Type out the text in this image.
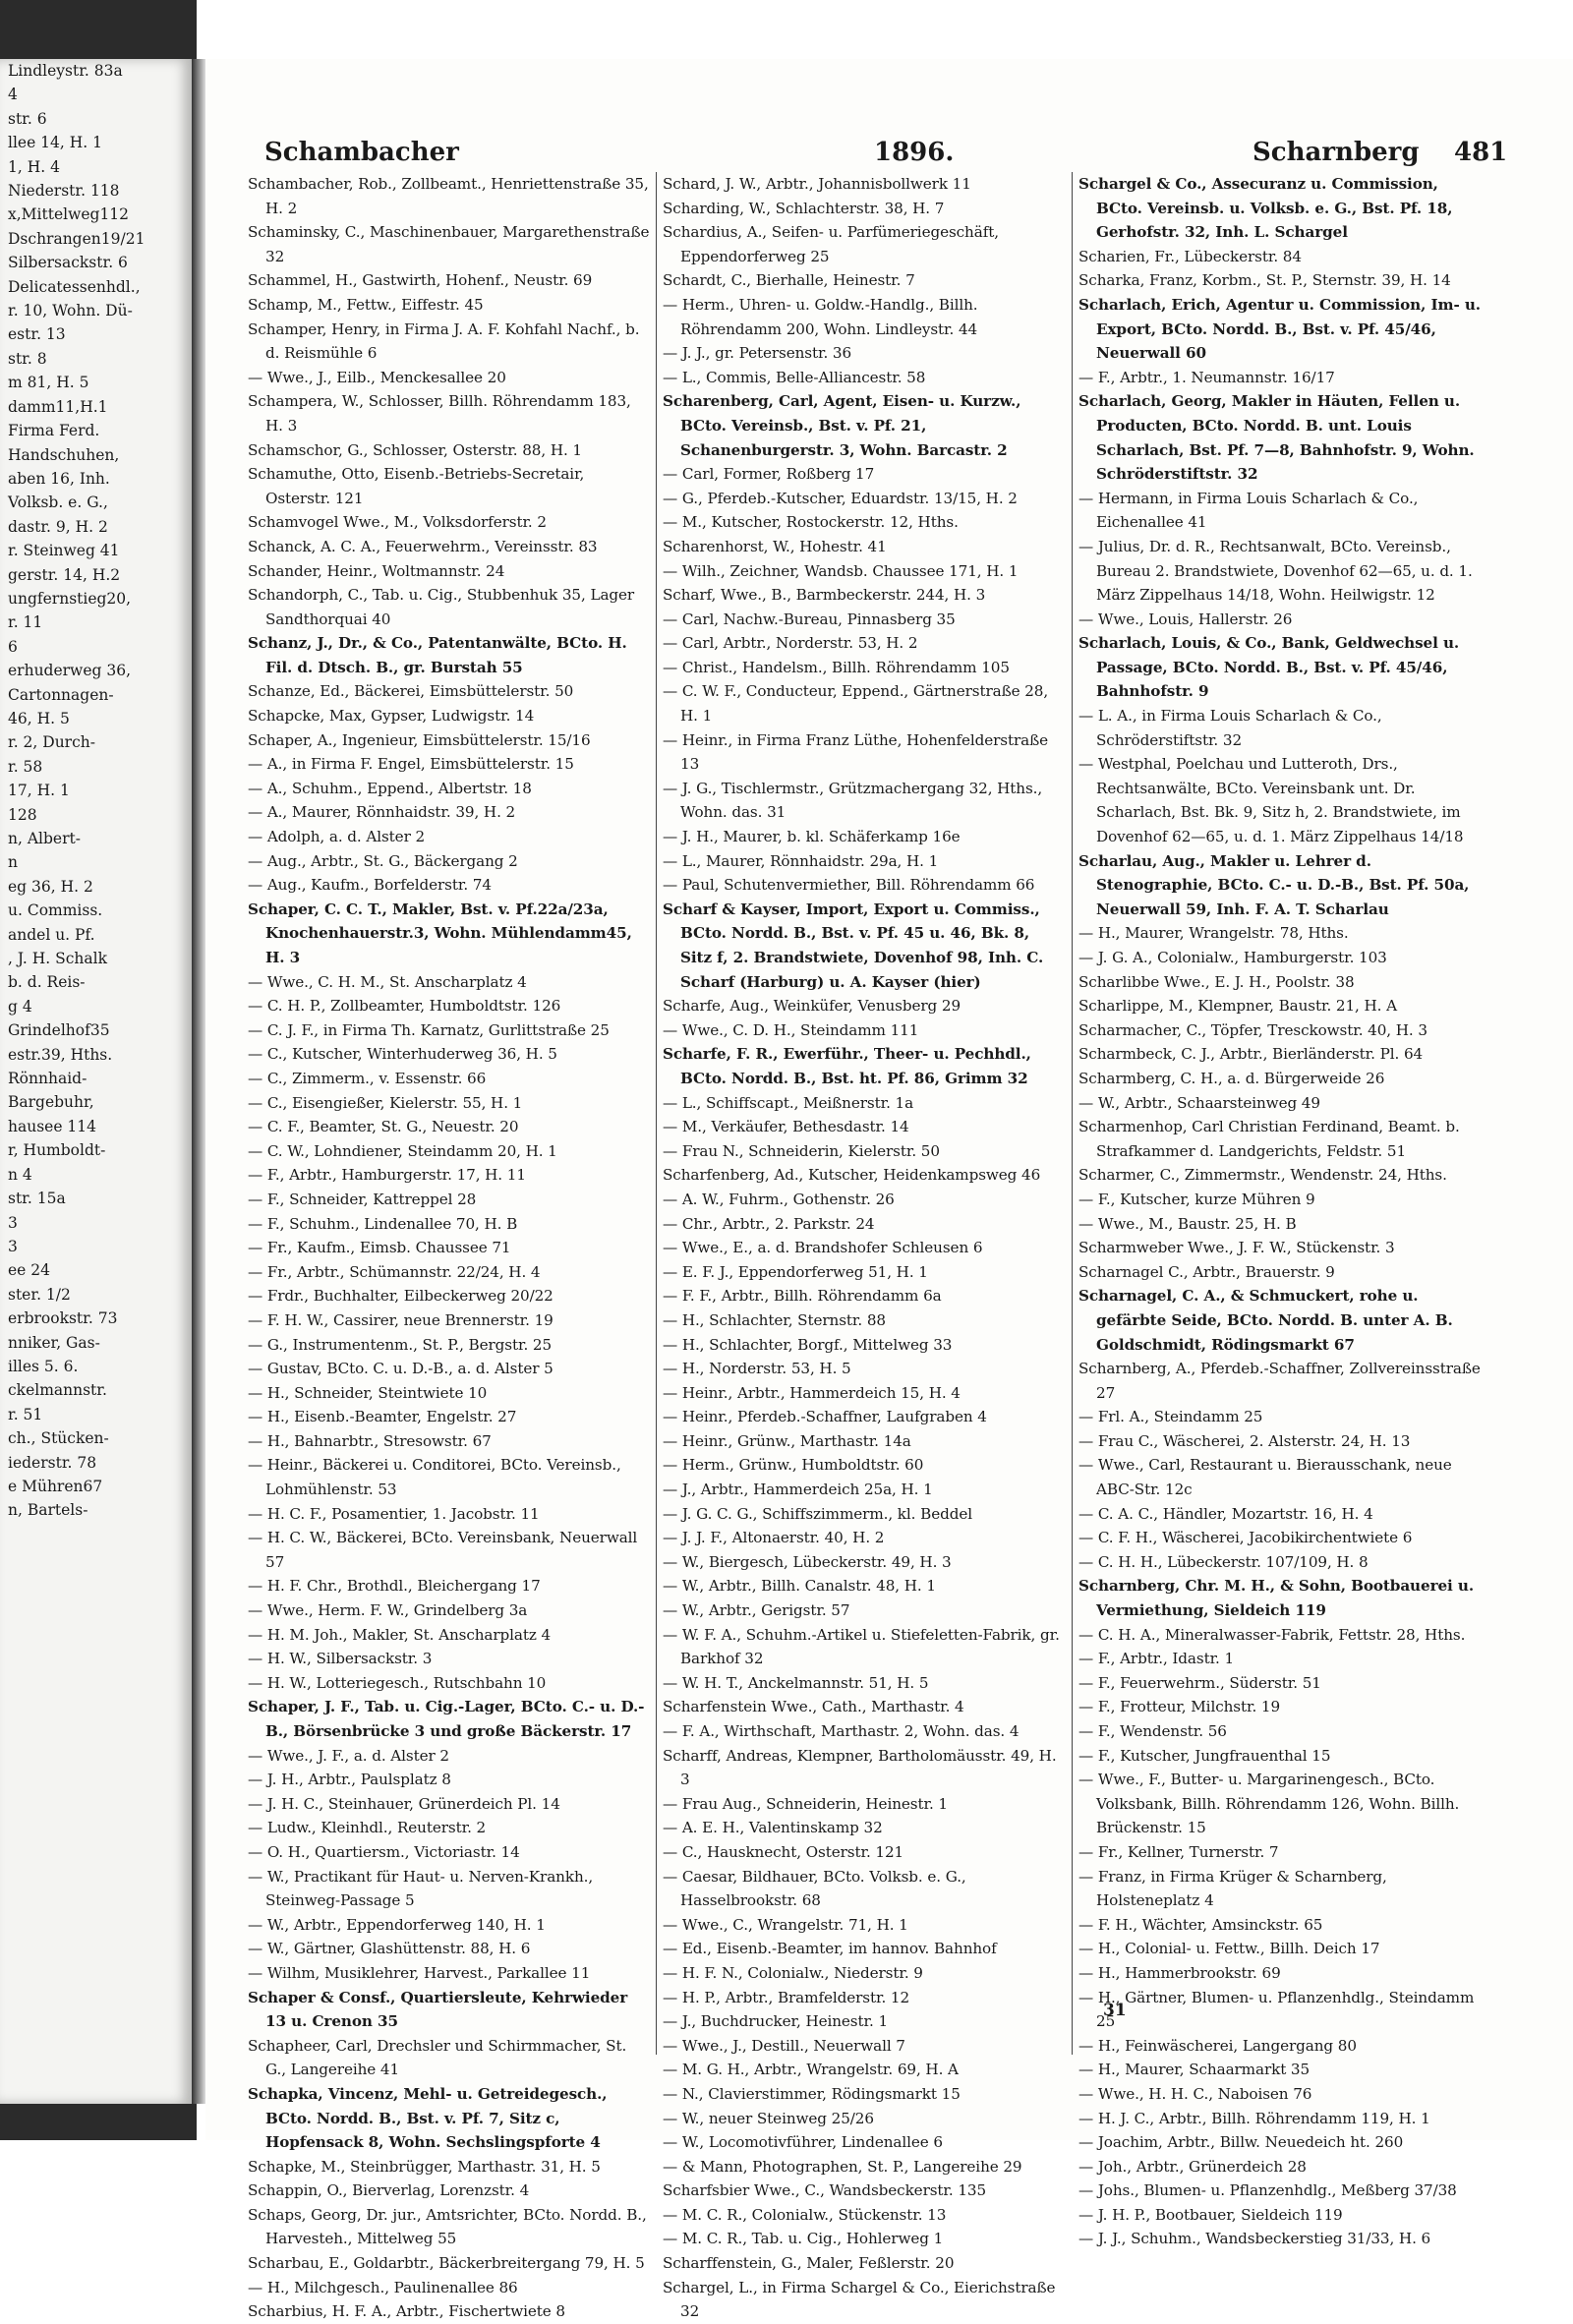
Lindleystr. 83a
4
str. 6
llee 14, H. 1
1, H. 4
Niederstr. 118
x,Mittelweg112
Dschrangen19/21
Silbersackstr. 6
Delicatessenhdl.,
r. 10, Wohn. Dü-
estr. 13
str. 8
m 81, H. 5
damm11,H.1
Firma Ferd.
Handschuhen,
aben 16, Inh.
Volksb. e. G.,
dastr. 9, H. 2
r. Steinweg 41
gerstr. 14, H.2
ungfernstieg20,
r. 11
6
erhuderweg 36,
Cartonnagen-
46, H. 5
r. 2, Durch-
r. 58
17, H. 1
128
n, Albert-
n
eg 36, H. 2
u. Commiss.
andel u. Pf.
, J. H. Schalk
b. d. Reis-
g 4
Grindelhof35
estr.39, Hths.
Rönnhaid-
Bargebuhr,
hausee 114
r, Humboldt-
n 4
str. 15a
3
3
ee 24
ster. 1/2
erbrookstr. 73
nniker, Gas-
illes 5. 6.
ckelmannstr.
r. 51
ch., Stücken-
iederstr. 78
e Mühren67
n, Bartels-
Schambacher	1896.	Scharnberg 481

Schambacher, Rob., Zollbeamt., Henriettenstraße 35, H. 2

Schaminsky, C., Maschinenbauer, Margarethenstraße 32

Schammel, H., Gastwirth, Hohenf., Neustr. 69

Schamp, M., Fettw., Eiffestr. 45

Schamper, Henry, in Firma J. A. F. Kohfahl Nachf., b. d. Reismühle 6

— Wwe., J., Eilb., Menckesallee 20

Schampera, W., Schlosser, Billh. Röhrendamm 183, H. 3

Schamschor, G., Schlosser, Osterstr. 88, H. 1

Schamuthe, Otto, Eisenb.-Betriebs-Secretair, Osterstr. 121

Schamvogel Wwe., M., Volksdorferstr. 2

Schanck, A. C. A., Feuerwehrm., Vereinsstr. 83

Schander, Heinr., Woltmannstr. 24

Schandorph, C., Tab. u. Cig., Stubbenhuk 35, Lager Sandthorquai 40

Schanz, J., Dr., & Co., Patentanwälte, BCto. H. Fil. d. Dtsch. B., gr. Burstah 55

Schanze, Ed., Bäckerei, Eimsbüttelerstr. 50

Schapcke, Max, Gypser, Ludwigstr. 14

Schaper, A., Ingenieur, Eimsbüttelerstr. 15/16

— A., in Firma F. Engel, Eimsbüttelerstr. 15

— A., Schuhm., Eppend., Albertstr. 18

— A., Maurer, Rönnhaidstr. 39, H. 2

— Adolph, a. d. Alster 2

— Aug., Arbtr., St. G., Bäckergang 2

— Aug., Kaufm., Borfelderstr. 74

Schaper, C. C. T., Makler, Bst. v. Pf.22a/23a, Knochenhauerstr.3, Wohn. Mühlendamm45, H. 3

— Wwe., C. H. M., St. Anscharplatz 4

— C. H. P., Zollbeamter, Humboldtstr. 126

— C. J. F., in Firma Th. Karnatz, Gurlittstraße 25

— C., Kutscher, Winterhuderweg 36, H. 5

— C., Zimmerm., v. Essenstr. 66

— C., Eisengießer, Kielerstr. 55, H. 1

— C. F., Beamter, St. G., Neuestr. 20

— C. W., Lohndiener, Steindamm 20, H. 1

— F., Arbtr., Hamburgerstr. 17, H. 11

— F., Schneider, Kattreppel 28

— F., Schuhm., Lindenallee 70, H. B

— Fr., Kaufm., Eimsb. Chaussee 71

— Fr., Arbtr., Schümannstr. 22/24, H. 4

— Frdr., Buchhalter, Eilbeckerweg 20/22

— F. H. W., Cassirer, neue Brennerstr. 19

— G., Instrumentenm., St. P., Bergstr. 25

— Gustav, BCto. C. u. D.-B., a. d. Alster 5

— H., Schneider, Steintwiete 10

— H., Eisenb.-Beamter, Engelstr. 27

— H., Bahnarbtr., Stresowstr. 67

— Heinr., Bäckerei u. Conditorei, BCto. Vereinsb., Lohmühlenstr. 53

— H. C. F., Posamentier, 1. Jacobstr. 11

— H. C. W., Bäckerei, BCto. Vereinsbank, Neuerwall 57

— H. F. Chr., Brothdl., Bleichergang 17

— Wwe., Herm. F. W., Grindelberg 3a

— H. M. Joh., Makler, St. Anscharplatz 4

— H. W., Silbersackstr. 3

— H. W., Lotteriegesch., Rutschbahn 10

Schaper, J. F., Tab. u. Cig.-Lager, BCto. C.- u. D.-B., Börsenbrücke 3 und große Bäckerstr. 17

— Wwe., J. F., a. d. Alster 2

— J. H., Arbtr., Paulsplatz 8

— J. H. C., Steinhauer, Grünerdeich Pl. 14

— Ludw., Kleinhdl., Reuterstr. 2

— O. H., Quartiersm., Victoriastr. 14

— W., Practikant für Haut- u. Nerven-Krankh., Steinweg-Passage 5

— W., Arbtr., Eppendorferweg 140, H. 1

— W., Gärtner, Glashüttenstr. 88, H. 6

— Wilhm, Musiklehrer, Harvest., Parkallee 11

Schaper & Consf., Quartiersleute, Kehrwieder 13 u. Crenon 35

Schapheer, Carl, Drechsler und Schirmmacher, St. G., Langereihe 41

Schapka, Vincenz, Mehl- u. Getreidegesch., BCto. Nordd. B., Bst. v. Pf. 7, Sitz c, Hopfensack 8, Wohn. Sechslingspforte 4

Schapke, M., Steinbrügger, Marthastr. 31, H. 5

Schappin, O., Bierverlag, Lorenzstr. 4

Schaps, Georg, Dr. jur., Amtsrichter, BCto. Nordd. B., Harvesteh., Mittelweg 55

Scharbau, E., Goldarbtr., Bäckerbreitergang 79, H. 5

— H., Milchgesch., Paulinenallee 86

Scharbius, H. F. A., Arbtr., Fischertwiete 8

Schard, J. W., Arbtr., Johannisbollwerk 11

Scharding, W., Schlachterstr. 38, H. 7

Schardius, A., Seifen- u. Parfümeriegeschäft, Eppendorferweg 25

Schardt, C., Bierhalle, Heinestr. 7

— Herm., Uhren- u. Goldw.-Handlg., Billh. Röhrendamm 200, Wohn. Lindleystr. 44

— J. J., gr. Petersenstr. 36

— L., Commis, Belle-Alliancestr. 58

Scharenberg, Carl, Agent, Eisen- u. Kurzw., BCto. Vereinsb., Bst. v. Pf. 21, Schanenburgerstr. 3, Wohn. Barcastr. 2

— Carl, Former, Roßberg 17

— G., Pferdeb.-Kutscher, Eduardstr. 13/15, H. 2

— M., Kutscher, Rostockerstr. 12, Hths.

Scharenhorst, W., Hohestr. 41

— Wilh., Zeichner, Wandsb. Chaussee 171, H. 1

Scharf, Wwe., B., Barmbeckerstr. 244, H. 3

— Carl, Nachw.-Bureau, Pinnasberg 35

— Carl, Arbtr., Norderstr. 53, H. 2

— Christ., Handelsm., Billh. Röhrendamm 105

— C. W. F., Conducteur, Eppend., Gärtnerstraße 28, H. 1

— Heinr., in Firma Franz Lüthe, Hohenfelderstraße 13

— J. G., Tischlermstr., Grützmachergang 32, Hths., Wohn. das. 31

— J. H., Maurer, b. kl. Schäferkamp 16e

— L., Maurer, Rönnhaidstr. 29a, H. 1

— Paul, Schutenvermiether, Bill. Röhrendamm 66

Scharf & Kayser, Import, Export u. Commiss., BCto. Nordd. B., Bst. v. Pf. 45 u. 46, Bk. 8, Sitz f, 2. Brandstwiete, Dovenhof 98, Inh. C. Scharf (Harburg) u. A. Kayser (hier)

Scharfe, Aug., Weinküfer, Venusberg 29

— Wwe., C. D. H., Steindamm 111

Scharfe, F. R., Ewerführ., Theer- u. Pechhdl., BCto. Nordd. B., Bst. ht. Pf. 86, Grimm 32

— L., Schiffscapt., Meißnerstr. 1a

— M., Verkäufer, Bethesdastr. 14

— Frau N., Schneiderin, Kielerstr. 50

Scharfenberg, Ad., Kutscher, Heidenkampsweg 46

— A. W., Fuhrm., Gothenstr. 26

— Chr., Arbtr., 2. Parkstr. 24

— Wwe., E., a. d. Brandshofer Schleusen 6

— E. F. J., Eppendorferweg 51, H. 1

— F. F., Arbtr., Billh. Röhrendamm 6a

— H., Schlachter, Sternstr. 88

— H., Schlachter, Borgf., Mittelweg 33

— H., Norderstr. 53, H. 5

— Heinr., Arbtr., Hammerdeich 15, H. 4

— Heinr., Pferdeb.-Schaffner, Laufgraben 4

— Heinr., Grünw., Marthastr. 14a

— Herm., Grünw., Humboldtstr. 60

— J., Arbtr., Hammerdeich 25a, H. 1

— J. G. C. G., Schiffszimmerm., kl. Beddel

— J. J. F., Altonaerstr. 40, H. 2

— W., Biergesch, Lübeckerstr. 49, H. 3

— W., Arbtr., Billh. Canalstr. 48, H. 1

— W., Arbtr., Gerigstr. 57

— W. F. A., Schuhm.-Artikel u. Stiefeletten-Fabrik, gr. Barkhof 32

— W. H. T., Anckelmannstr. 51, H. 5

Scharfenstein Wwe., Cath., Marthastr. 4

— F. A., Wirthschaft, Marthastr. 2, Wohn. das. 4

Scharff, Andreas, Klempner, Bartholomäusstr. 49, H. 3

— Frau Aug., Schneiderin, Heinestr. 1

— A. E. H., Valentinskamp 32

— C., Hausknecht, Osterstr. 121

— Caesar, Bildhauer, BCto. Volksb. e. G., Hasselbrookstr. 68

— Wwe., C., Wrangelstr. 71, H. 1

— Ed., Eisenb.-Beamter, im hannov. Bahnhof

— H. F. N., Colonialw., Niederstr. 9

— H. P., Arbtr., Bramfelderstr. 12

— J., Buchdrucker, Heinestr. 1

— Wwe., J., Destill., Neuerwall 7

— M. G. H., Arbtr., Wrangelstr. 69, H. A

— N., Clavierstimmer, Rödingsmarkt 15

— W., neuer Steinweg 25/26

— W., Locomotivführer, Lindenallee 6

— & Mann, Photographen, St. P., Langereihe 29

Scharfsbier Wwe., C., Wandsbeckerstr. 135

— M. C. R., Colonialw., Stückenstr. 13

— M. C. R., Tab. u. Cig., Hohlerweg 1

Scharffenstein, G., Maler, Feßlerstr. 20

Schargel, L., in Firma Schargel & Co., Eierichstraße 32

Schargel & Co., Assecuranz u. Commission, BCto. Vereinsb. u. Volksb. e. G., Bst. Pf. 18, Gerhofstr. 32, Inh. L. Schargel

Scharien, Fr., Lübeckerstr. 84

Scharka, Franz, Korbm., St. P., Sternstr. 39, H. 14

Scharlach, Erich, Agentur u. Commission, Im- u. Export, BCto. Nordd. B., Bst. v. Pf. 45/46, Neuerwall 60

— F., Arbtr., 1. Neumannstr. 16/17

Scharlach, Georg, Makler in Häuten, Fellen u. Producten, BCto. Nordd. B. unt. Louis Scharlach, Bst. Pf. 7—8, Bahnhofstr. 9, Wohn. Schröderstiftstr. 32

— Hermann, in Firma Louis Scharlach & Co., Eichenallee 41

— Julius, Dr. d. R., Rechtsanwalt, BCto. Vereinsb., Bureau 2. Brandstwiete, Dovenhof 62—65, u. d. 1. März Zippelhaus 14/18, Wohn. Heilwigstr. 12

— Wwe., Louis, Hallerstr. 26

Scharlach, Louis, & Co., Bank, Geldwechsel u. Passage, BCto. Nordd. B., Bst. v. Pf. 45/46, Bahnhofstr. 9

— L. A., in Firma Louis Scharlach & Co., Schröderstiftstr. 32

— Westphal, Poelchau und Lutteroth, Drs., Rechtsanwälte, BCto. Vereinsbank unt. Dr. Scharlach, Bst. Bk. 9, Sitz h, 2. Brandstwiete, im Dovenhof 62—65, u. d. 1. März Zippelhaus 14/18

Scharlau, Aug., Makler u. Lehrer d. Stenographie, BCto. C.- u. D.-B., Bst. Pf. 50a, Neuerwall 59, Inh. F. A. T. Scharlau

— H., Maurer, Wrangelstr. 78, Hths.

— J. G. A., Colonialw., Hamburgerstr. 103

Scharlibbe Wwe., E. J. H., Poolstr. 38

Scharlippe, M., Klempner, Baustr. 21, H. A

Scharmacher, C., Töpfer, Tresckowstr. 40, H. 3

Scharmbeck, C. J., Arbtr., Bierländerstr. Pl. 64

Scharmberg, C. H., a. d. Bürgerweide 26

— W., Arbtr., Schaarsteinweg 49

Scharmenhop, Carl Christian Ferdinand, Beamt. b. Strafkammer d. Landgerichts, Feldstr. 51

Scharmer, C., Zimmermstr., Wendenstr. 24, Hths.

— F., Kutscher, kurze Mühren 9

— Wwe., M., Baustr. 25, H. B

Scharmweber Wwe., J. F. W., Stückenstr. 3

Scharnagel C., Arbtr., Brauerstr. 9

Scharnagel, C. A., & Schmuckert, rohe u. gefärbte Seide, BCto. Nordd. B. unter A. B. Goldschmidt, Rödingsmarkt 67

Scharnberg, A., Pferdeb.-Schaffner, Zollvereinsstraße 27

— Frl. A., Steindamm 25

— Frau C., Wäscherei, 2. Alsterstr. 24, H. 13

— Wwe., Carl, Restaurant u. Bierausschank, neue ABC-Str. 12c

— C. A. C., Händler, Mozartstr. 16, H. 4

— C. F. H., Wäscherei, Jacobikirchentwiete 6

— C. H. H., Lübeckerstr. 107/109, H. 8

Scharnberg, Chr. M. H., & Sohn, Bootbauerei u. Vermiethung, Sieldeich 119

— C. H. A., Mineralwasser-Fabrik, Fettstr. 28, Hths.

— F., Arbtr., Idastr. 1

— F., Feuerwehrm., Süderstr. 51

— F., Frotteur, Milchstr. 19

— F., Wendenstr. 56

— F., Kutscher, Jungfrauenthal 15

— Wwe., F., Butter- u. Margarinengesch., BCto. Volksbank, Billh. Röhrendamm 126, Wohn. Billh. Brückenstr. 15

— Fr., Kellner, Turnerstr. 7

— Franz, in Firma Krüger & Scharnberg, Holsteneplatz 4

— F. H., Wächter, Amsinckstr. 65

— H., Colonial- u. Fettw., Billh. Deich 17

— H., Hammerbrookstr. 69

— H., Gärtner, Blumen- u. Pflanzenhdlg., Steindamm 25

— H., Feinwäscherei, Langergang 80

— H., Maurer, Schaarmarkt 35

— Wwe., H. H. C., Naboisen 76

— H. J. C., Arbtr., Billh. Röhrendamm 119, H. 1

— Joachim, Arbtr., Billw. Neuedeich ht. 260

— Joh., Arbtr., Grünerdeich 28

— Johs., Blumen- u. Pflanzenhdlg., Meßberg 37/38

— J. H. P., Bootbauer, Sieldeich 119

— J. J., Schuhm., Wandsbeckerstieg 31/33, H. 6

31
